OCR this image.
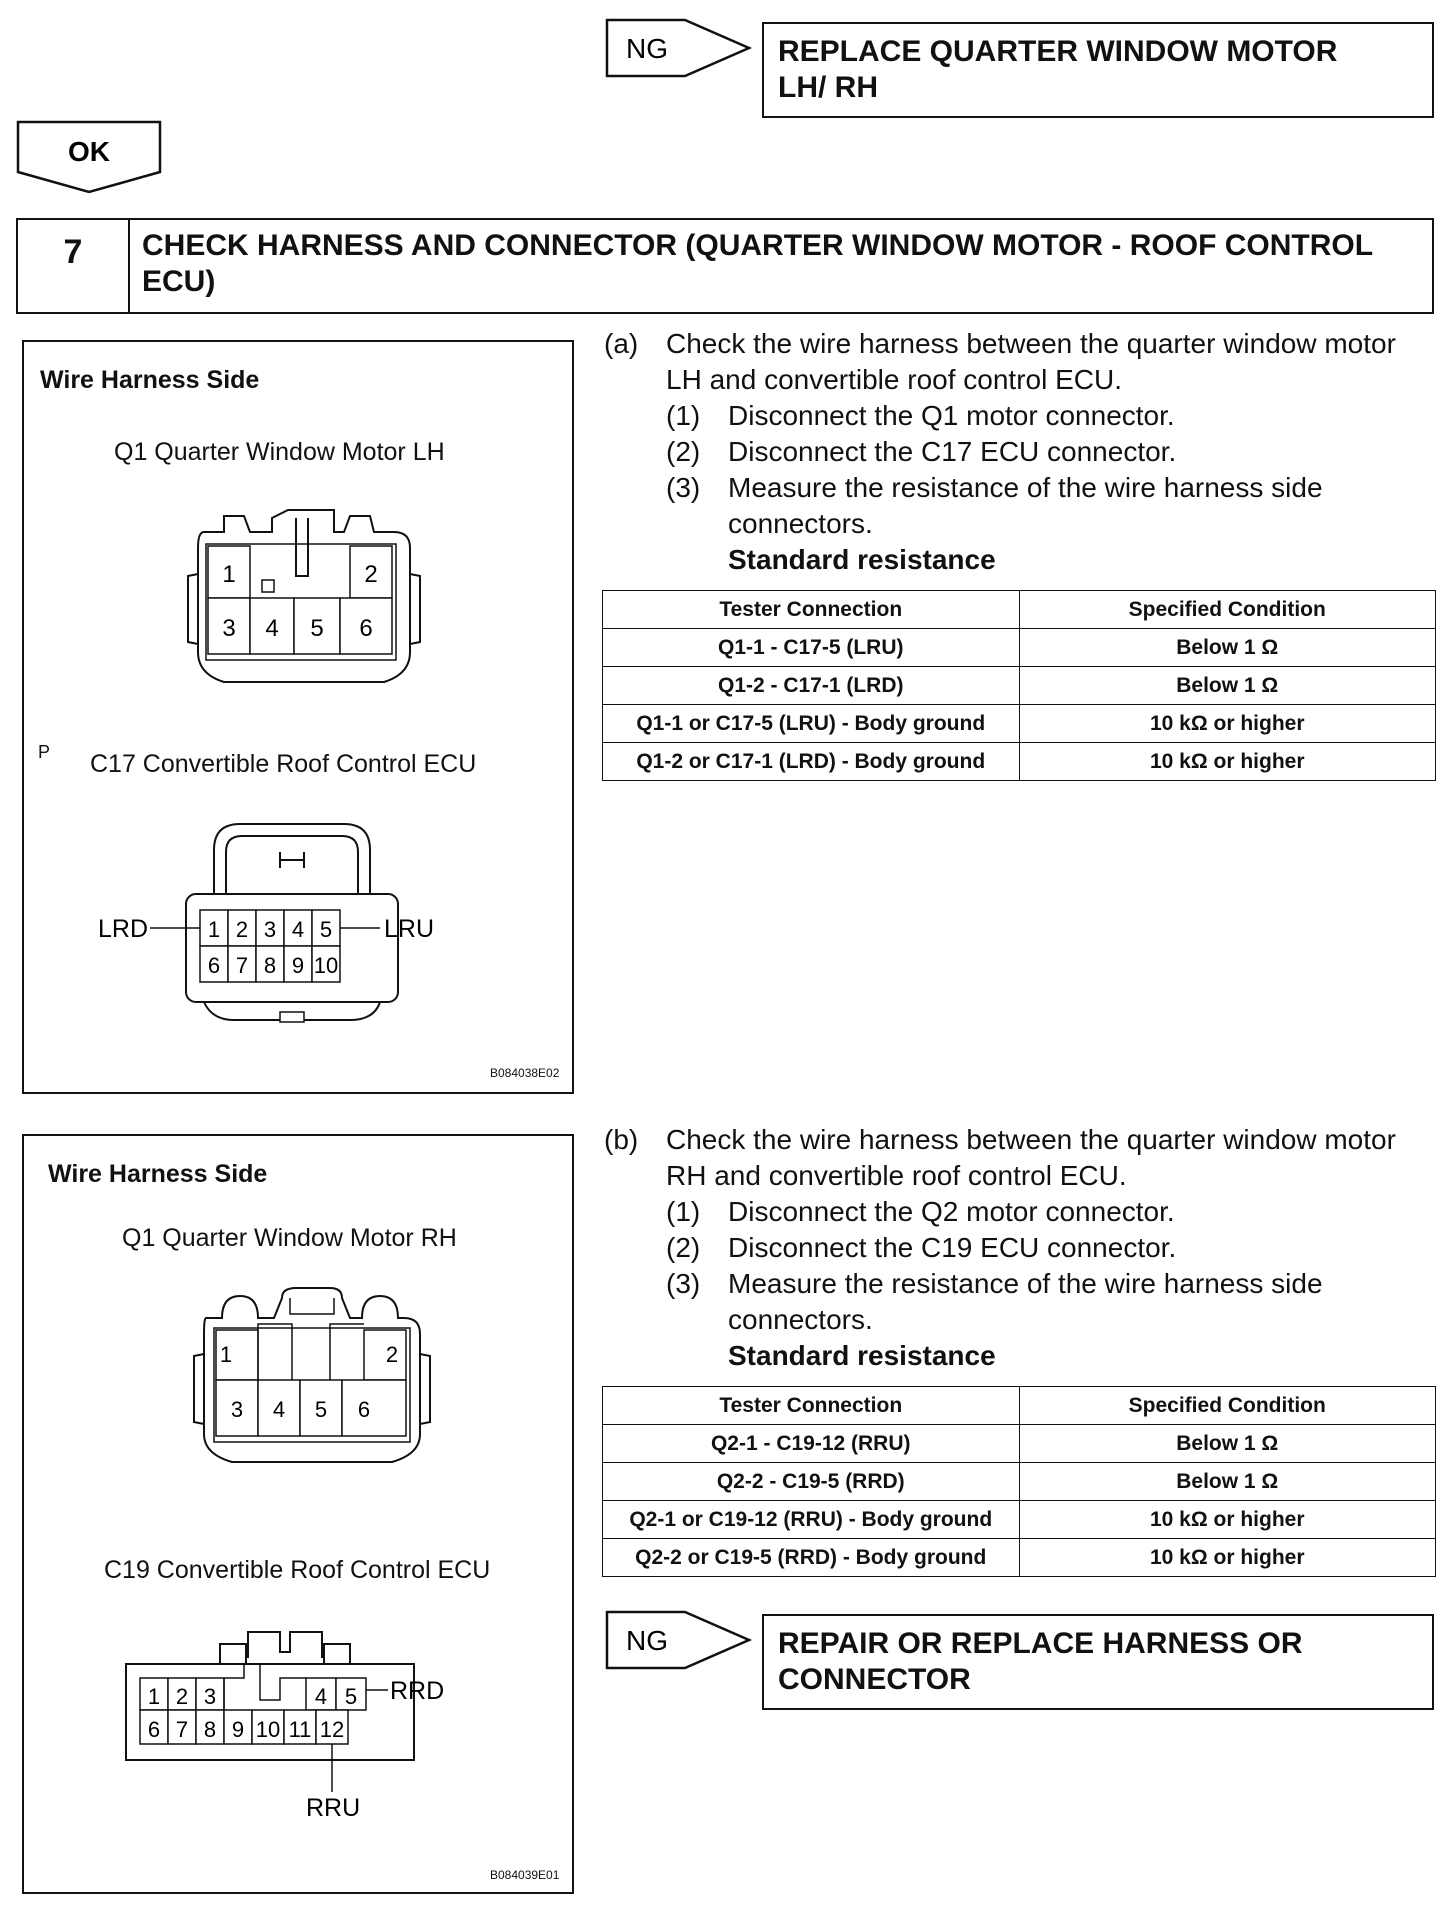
NG	REPLACE QUARTER WINDOW MOTOR LH/ RH
OK
7	CHECK HARNESS AND CONNECTOR (QUARTER WINDOW MOTOR - ROOF CONTROL ECU)
Wire Harness Side
Q1 Quarter Window Motor LH
P C17 Convertible Roof Control ECU
B084038E02
1	2
3 4 5 6
1 2 3 4 5
6 7 8 9 10
LRD	LRU
(a) Check the wire harness between the quarter window motor LH and convertible roof control ECU.
(1) Disconnect the Q1 motor connector.
(2) Disconnect the C17 ECU connector.
(3) Measure the resistance of the wire harness side connectors.
Standard resistance
Tester Connection	Specified Condition
Q1-1 - C17-5 (LRU)	Below 1 Ω
Q1-2 - C17-1 (LRD)	Below 1 Ω
Q1-1 or C17-5 (LRU) - Body ground	10 kΩ or higher
Q1-2 or C17-1 (LRD) - Body ground	10 kΩ or higher
Wire Harness Side
Q1 Quarter Window Motor RH
C19 Convertible Roof Control ECU
B084039E01
1	2
3 4 5 6
1 2 3	4 5
6 7 8 9 10 11 12
RRD
RRU
(b) Check the wire harness between the quarter window motor RH and convertible roof control ECU.
(1) Disconnect the Q2 motor connector.
(2) Disconnect the C19 ECU connector.
(3) Measure the resistance of the wire harness side connectors.
Standard resistance
Tester Connection	Specified Condition
Q2-1 - C19-12 (RRU)	Below 1 Ω
Q2-2 - C19-5 (RRD)	Below 1 Ω
Q2-1 or C19-12 (RRU) - Body ground	10 kΩ or higher
Q2-2 or C19-5 (RRD) - Body ground	10 kΩ or higher
NG	REPAIR OR REPLACE HARNESS OR CONNECTOR
